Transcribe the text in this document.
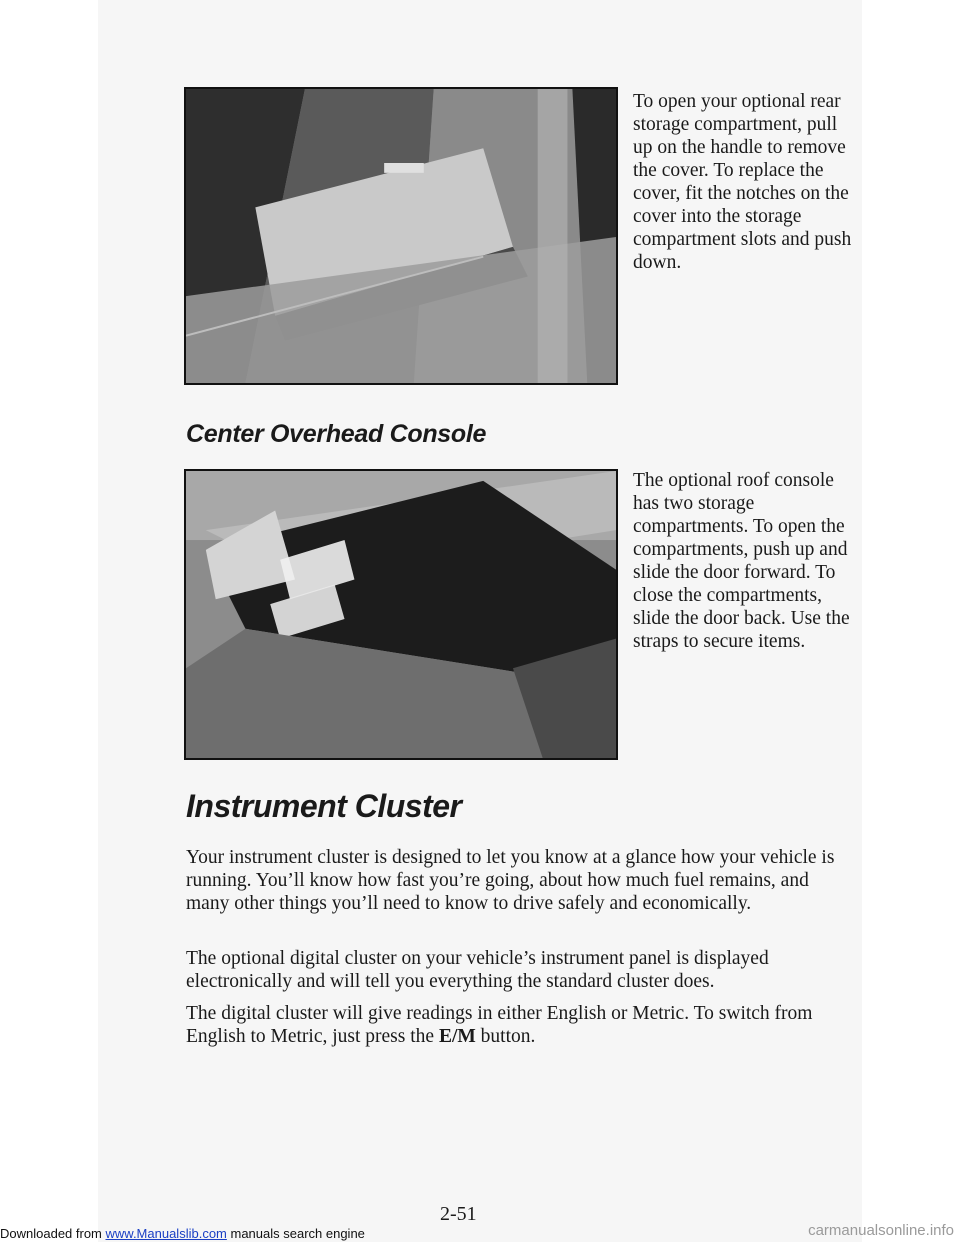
To open your optional rear storage compartment, pull up on the handle to remove the cover. To replace the cover, fit the notches on the cover into the storage compartment slots and push down.

Center Overhead Console

The optional roof console has two storage compartments. To open the compartments, push up and slide the door forward. To close the compartments, slide the door back. Use the straps to secure items.

Instrument Cluster

Your instrument cluster is designed to let you know at a glance how your vehicle is running. You’ll know how fast you’re going, about how much fuel remains, and many other things you’ll need to know to drive safely and economically.

The optional digital cluster on your vehicle’s instrument panel is displayed electronically and will tell you everything the standard cluster does.

The digital cluster will give readings in either English or Metric. To switch from English to Metric, just press the E/M button.

2-51

Downloaded from www.Manualslib.com manuals search engine	carmanualsonline.info
